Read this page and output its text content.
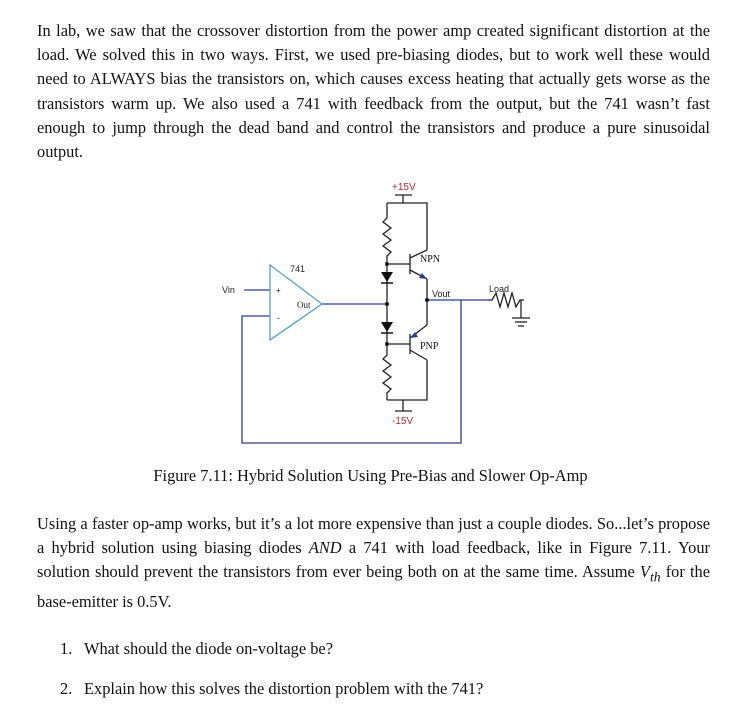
In lab, we saw that the crossover distortion from the power amp created significant distortion at the load. We solved this in two ways. First, we used pre-biasing diodes, but to work well these would need to ALWAYS bias the transistors on, which causes excess heating that actually gets worse as the transistors warm up. We also used a 741 with feedback from the output, but the 741 wasn’t fast enough to jump through the dead band and control the transistors and produce a pure sinusoidal output.
+15V
-15V
NPN
PNP
741
+
-
Out
Vin	Vout	Load
Figure 7.11: Hybrid Solution Using Pre-Bias and Slower Op-Amp
Using a faster op-amp works, but it’s a lot more expensive than just a couple diodes. So...let’s propose a hybrid solution using biasing diodes AND a 741 with load feedback, like in Figure 7.11. Your solution should prevent the transistors from ever being both on at the same time. Assume $V_{th}$ for the base-emitter is 0.5V.
1. What should the diode on-voltage be?
2. Explain how this solves the distortion problem with the 741?
